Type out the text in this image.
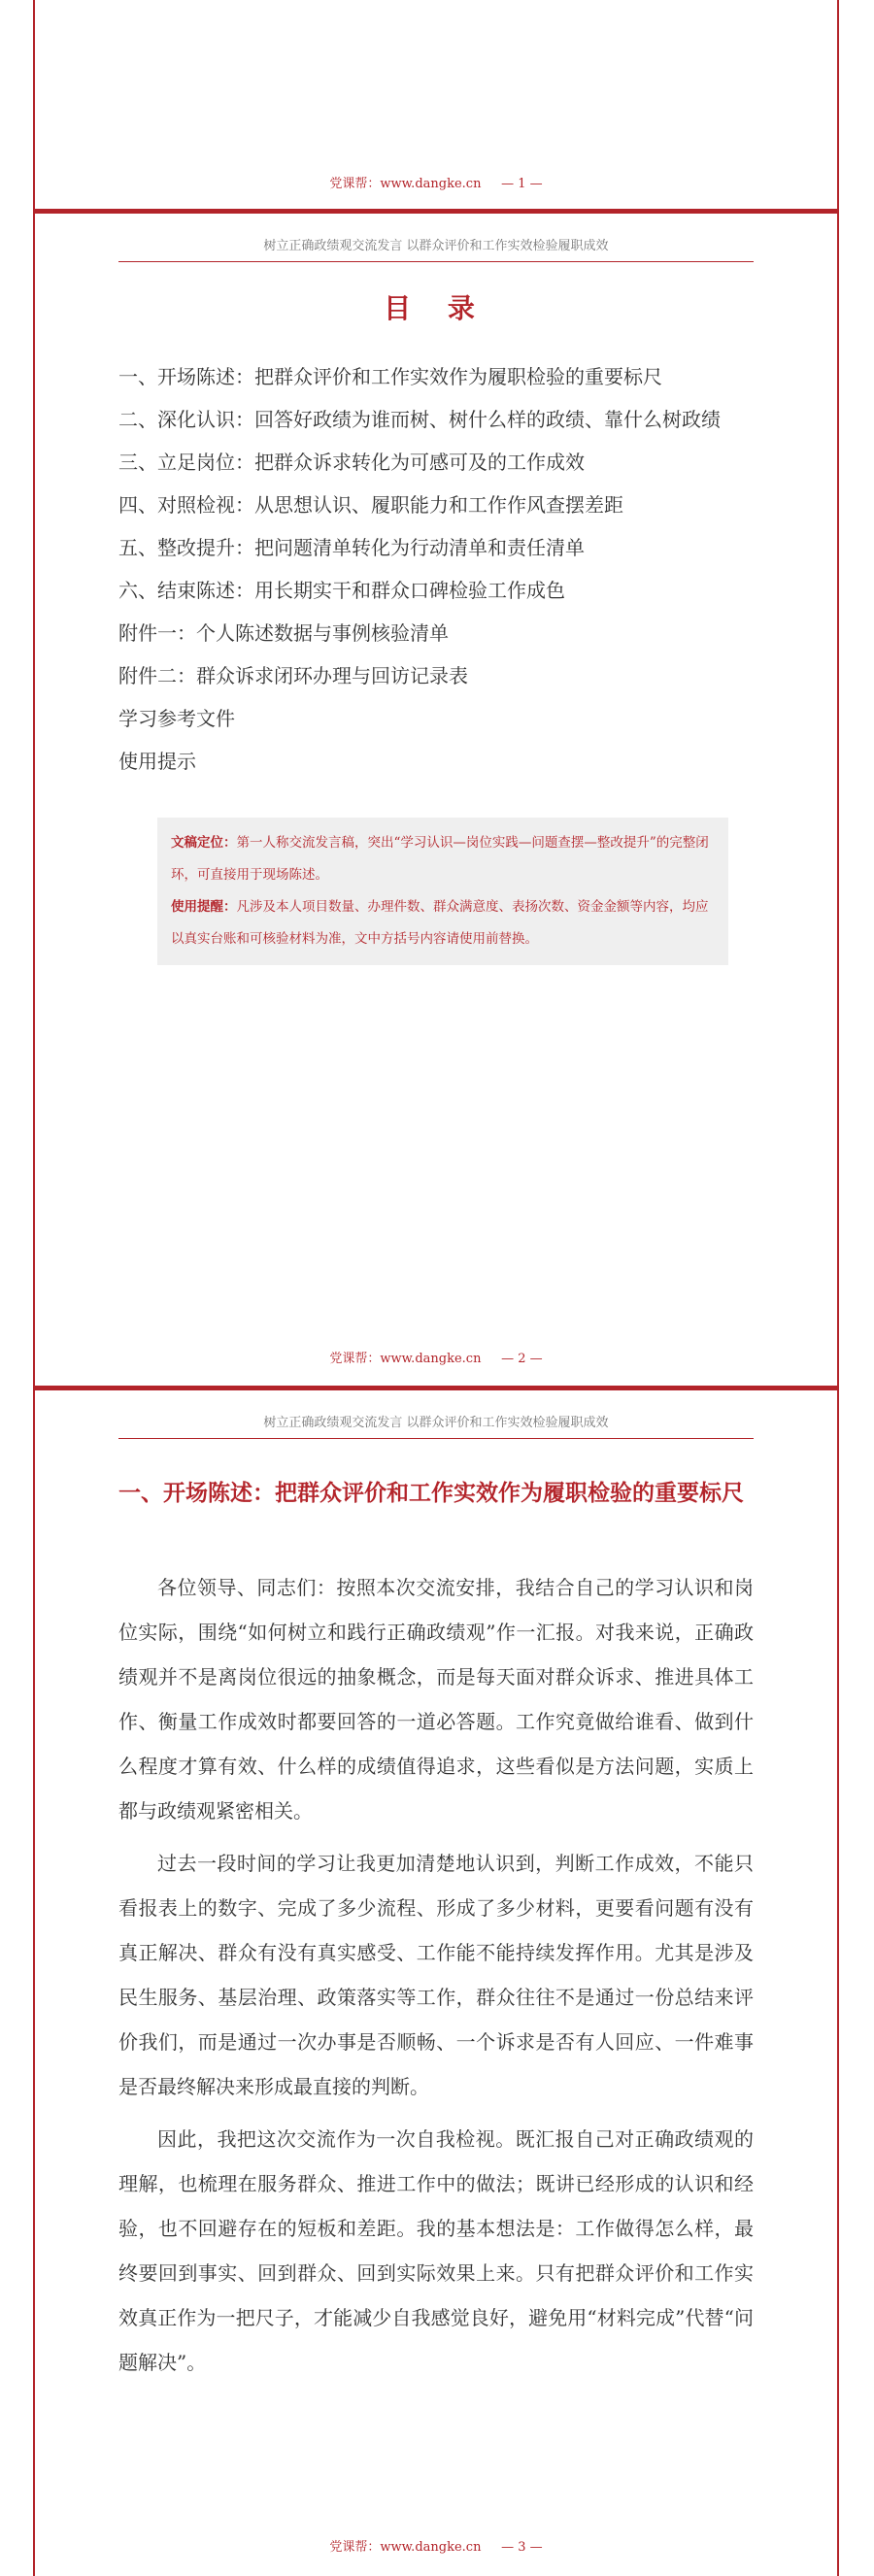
党课帮：www.dangke.cn     — 1 —
树立正确政绩观交流发言 以群众评价和工作实效检验履职成效
目 录
一、开场陈述：把群众评价和工作实效作为履职检验的重要标尺
二、深化认识：回答好政绩为谁而树、树什么样的政绩、靠什么树政绩
三、立足岗位：把群众诉求转化为可感可及的工作成效
四、对照检视：从思想认识、履职能力和工作作风查摆差距
五、整改提升：把问题清单转化为行动清单和责任清单
六、结束陈述：用长期实干和群众口碑检验工作成色
附件一：个人陈述数据与事例核验清单
附件二：群众诉求闭环办理与回访记录表
学习参考文件
使用提示

文稿定位：第一人称交流发言稿，突出“学习认识—岗位实践—问题查摆—整改提升”的完整闭环，可直接用于现场陈述。

使用提醒：凡涉及本人项目数量、办理件数、群众满意度、表扬次数、资金金额等内容，均应以真实台账和可核验材料为准，文中方括号内容请使用前替换。

党课帮：www.dangke.cn     — 2 —
树立正确政绩观交流发言 以群众评价和工作实效检验履职成效
一、开场陈述：把群众评价和工作实效作为履职检验的重要标尺

各位领导、同志们：按照本次交流安排，我结合自己的学习认识和岗位实际，围绕“如何树立和践行正确政绩观”作一汇报。对我来说，正确政绩观并不是离岗位很远的抽象概念，而是每天面对群众诉求、推进具体工作、衡量工作成效时都要回答的一道必答题。工作究竟做给谁看、做到什么程度才算有效、什么样的成绩值得追求，这些看似是方法问题，实质上都与政绩观紧密相关。

过去一段时间的学习让我更加清楚地认识到，判断工作成效，不能只看报表上的数字、完成了多少流程、形成了多少材料，更要看问题有没有真正解决、群众有没有真实感受、工作能不能持续发挥作用。尤其是涉及民生服务、基层治理、政策落实等工作，群众往往不是通过一份总结来评价我们，而是通过一次办事是否顺畅、一个诉求是否有人回应、一件难事是否最终解决来形成最直接的判断。

因此，我把这次交流作为一次自我检视。既汇报自己对正确政绩观的理解，也梳理在服务群众、推进工作中的做法；既讲已经形成的认识和经验，也不回避存在的短板和差距。我的基本想法是：工作做得怎么样，最终要回到事实、回到群众、回到实际效果上来。只有把群众评价和工作实效真正作为一把尺子，才能减少自我感觉良好，避免用“材料完成”代替“问题解决”。

党课帮：www.dangke.cn     — 3 —
